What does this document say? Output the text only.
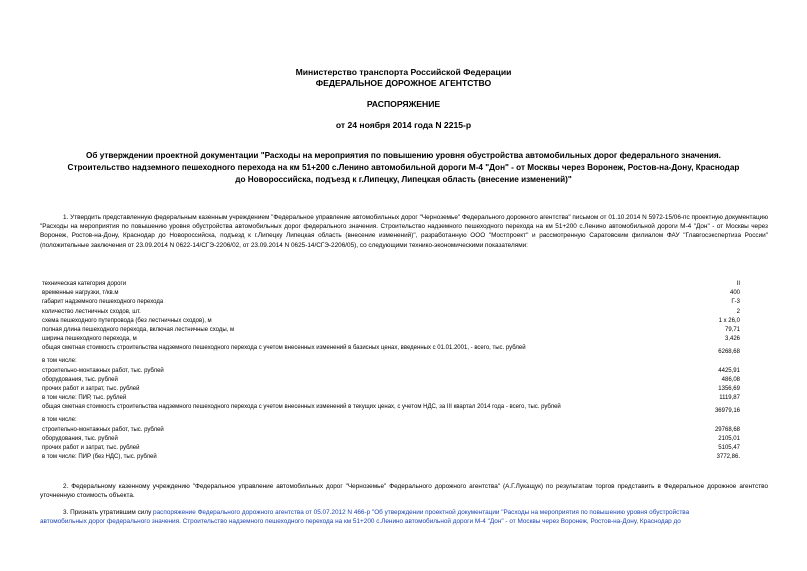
Министерство транспорта Российской Федерации
ФЕДЕРАЛЬНОЕ ДОРОЖНОЕ АГЕНТСТВО
РАСПОРЯЖЕНИЕ
от 24 ноября 2014 года N 2215-р
Об утверждении проектной документации "Расходы на мероприятия по повышению уровня обустройства автомобильных дорог федерального значения.
Строительство надземного пешеходного перехода на км 51+200 с.Ленино автомобильной дороги М-4 "Дон" - от Москвы через Воронеж, Ростов-на-Дону, Краснодар
до Новороссийска, подъезд к г.Липецку, Липецкая область (внесение изменений)"
1. Утвердить представленную федеральным казенным учреждением "Федеральное управление автомобильных дорог "Черноземье" Федерального дорожного агентства" письмом от 01.10.2014 N 5972-15/06-пс проектную документацию "Расходы на мероприятия по повышению уровня обустройства автомобильных дорог федерального значения. Строительство надземного пешеходного перехода на км 51+200 с.Ленино автомобильной дороги М-4 "Дон" - от Москвы через Воронеж, Ростов-на-Дону, Краснодар до Новороссийска, подъезд к г.Липецку Липецкая область (внесение изменений)", разработанную ООО "Мостпроект" и рассмотренную Саратовским филиалом ФАУ "Главгосэкспертиза России" (положительные заключения от 23.09.2014 N 0622-14/СГЭ-2206/02, от 23.09.2014 N 0625-14/СГЭ-2206/05), со следующими технико-экономическими показателями:
техническая категория дороги	II
временные нагрузки, т/кв.м	400
габарит надземного пешеходного перехода	Г-3
количество лестничных сходов, шт.	2
схема пешеходного путепровода (без лестничных сходов), м	1 х 26,0
полная длина пешеходного перехода, включая лестничные сходы, м	79,71
ширина пешеходного перехода, м	3,426
общая сметная стоимость строительства надземного пешеходного перехода с учетом внесенных изменений в базисных ценах, введенных с 01.01.2001, - всего, тыс. рублей	6268,68
в том числе:	
строительно-монтажных работ, тыс. рублей	4425,91
оборудования, тыс. рублей	486,08
прочих работ и затрат, тыс. рублей	1356,69
в том числе: ПИР, тыс. рублей	1119,87
общая сметная стоимость строительства надземного пешеходного перехода с учетом внесенных изменений в текущих ценах, с учетом НДС, за III квартал 2014 года - всего, тыс. рублей	36979,16
в том числе:	
строительно-монтажных работ, тыс. рублей	29768,68
оборудования, тыс. рублей	2105,01
прочих работ и затрат, тыс. рублей	5105,47
в том числе: ПИР (без НДС), тыс. рублей	3772,86.
2. Федеральному казенному учреждению "Федеральное управление автомобильных дорог "Черноземье" Федерального дорожного агентства" (А.Г.Лукащук) по результатам торгов представить в Федеральное дорожное агентство уточненную стоимость объекта.
3. Признать утратившим силу распоряжение Федерального дорожного агентства от 05.07.2012 N 466-р "Об утверждении проектной документации "Расходы на мероприятия по повышению уровня обустройства
автомобильных дорог федерального значения. Строительство надземного пешеходного перехода на км 51+200 с.Ленино автомобильной дороги М-4 "Дон" - от Москвы через Воронеж, Ростов-на-Дону, Краснодар до
